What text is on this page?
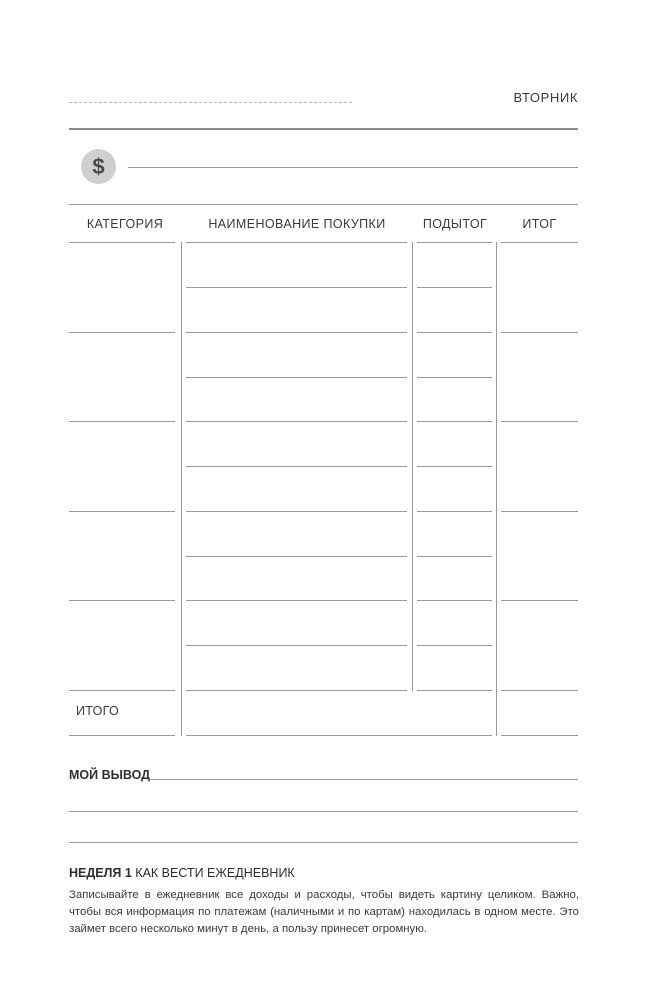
ВТОРНИК
$
КАТЕГОРИЯ	НАИМЕНОВАНИЕ ПОКУПКИ	ПОДЫТОГ	ИТОГ
ИТОГО
МОЙ ВЫВОД
НЕДЕЛЯ 1 КАК ВЕСТИ ЕЖЕДНЕВНИК
Записывайте в ежедневник все доходы и расходы, чтобы видеть картину целиком. Важно, чтобы вся информация по платежам (наличными и по картам) находилась в одном месте. Это займет всего несколько минут в день, а пользу принесет огромную.
